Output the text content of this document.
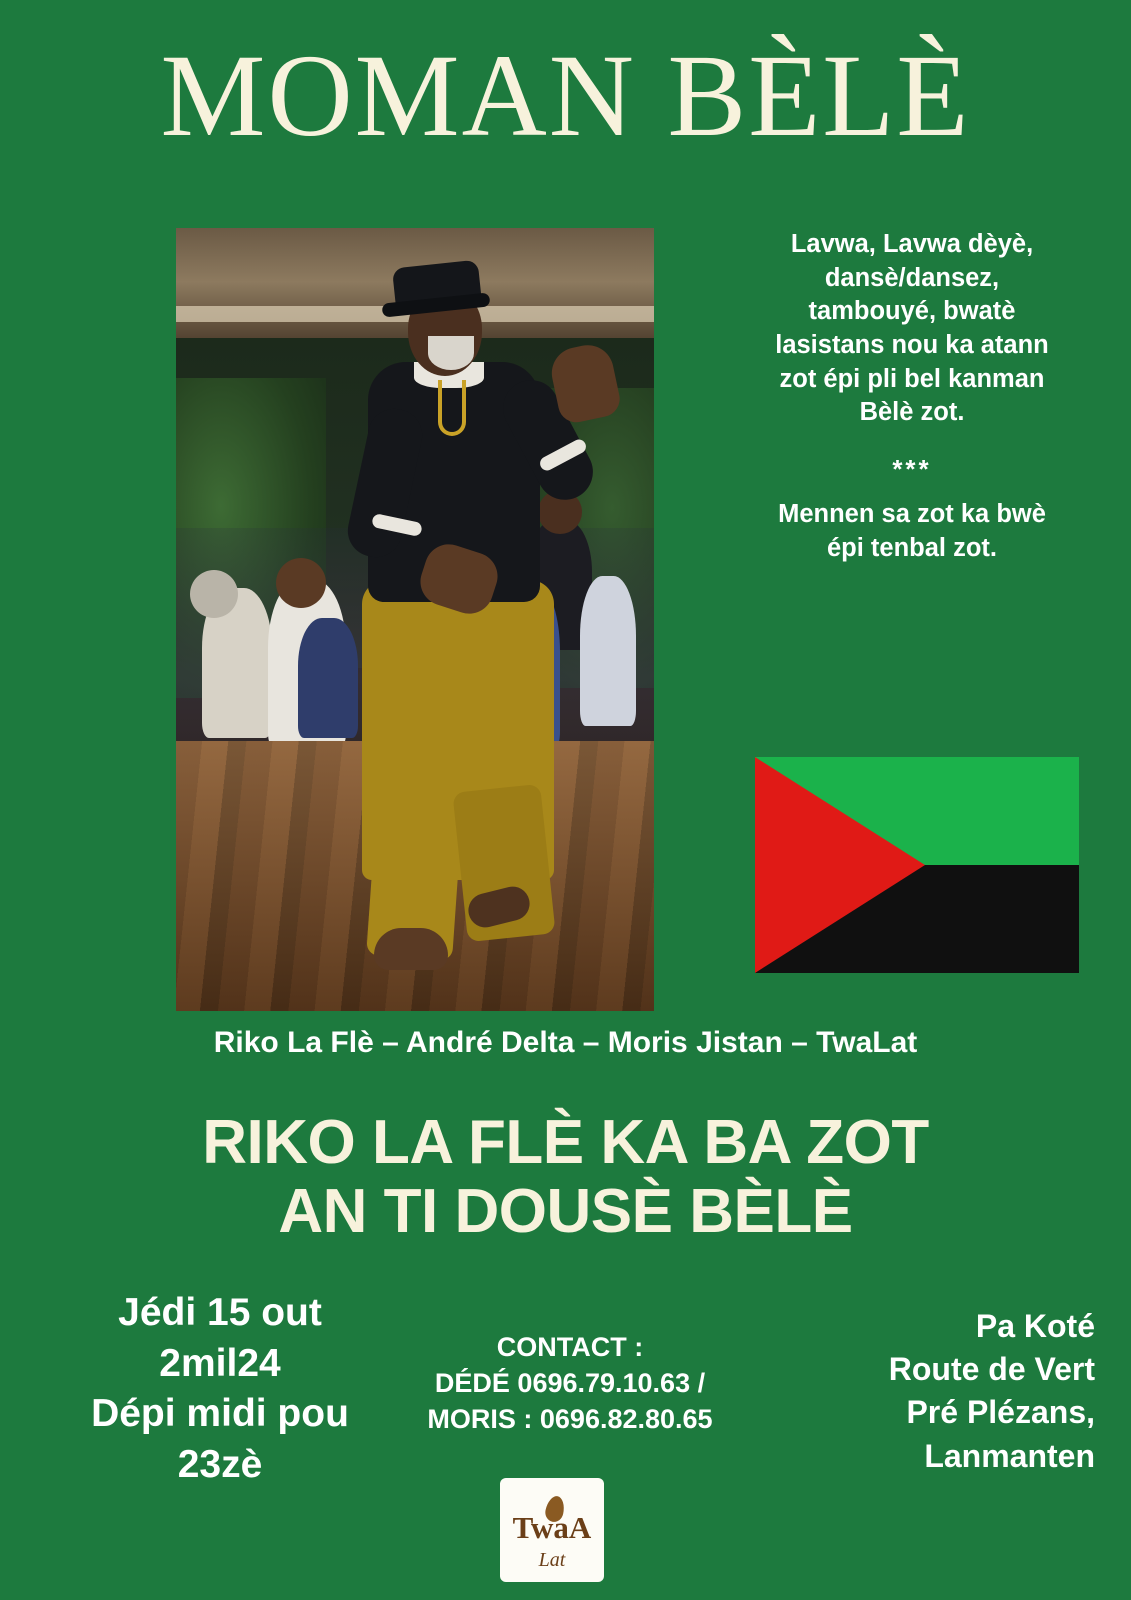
MOMAN BÈLÈ
Lavwa, Lavwa dèyè, dansè/dansez, tambouyé, bwatè lasistans nou ka atann zot épi pli bel kanman Bèlè zot.
***
Mennen sa zot ka bwè épi tenbal zot.
Riko La Flè – André Delta – Moris Jistan – TwaLat
RIKO LA FLÈ KA BA ZOT
AN TI DOUSÈ BÈLÈ
Jédi 15 out
2mil24
Dépi midi pou
23zè
CONTACT :
DÉDÉ 0696.79.10.63 /
MORIS : 0696.82.80.65
Pa Koté
Route de Vert
Pré Plézans,
Lanmanten
TwaA
Lat
